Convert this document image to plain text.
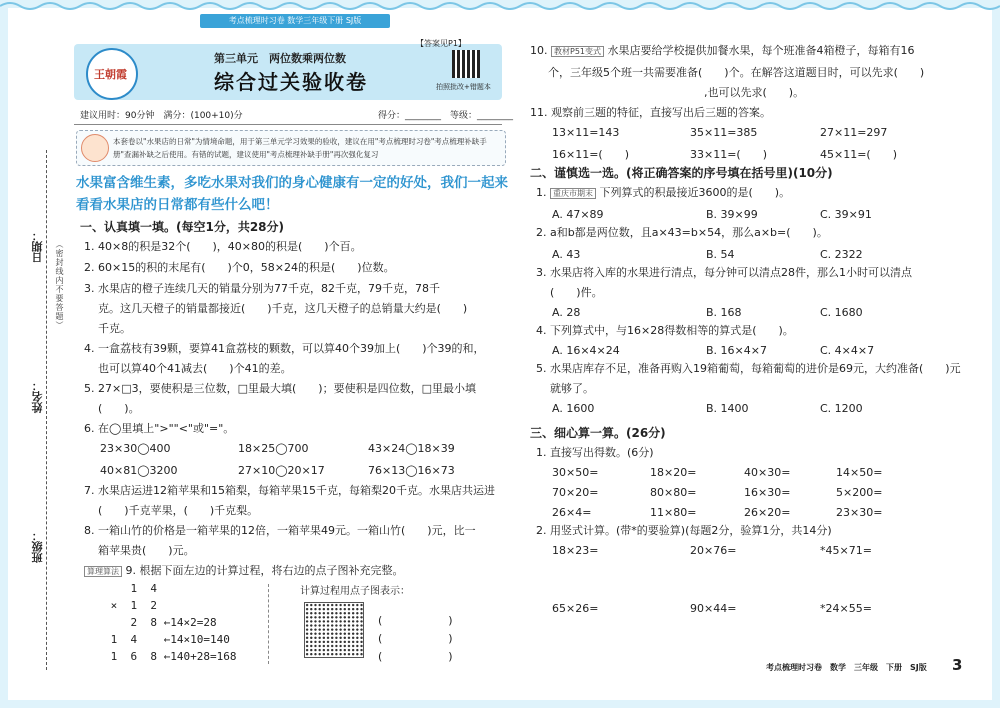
考点梳理时习卷 数学三年级下册 SJ版
日期：
姓名：
班级：
（密封线内不要答题）
王朝霞
第三单元　两位数乘两位数
综合过关验收卷
【答案见P1】
拍照批改+错题本
建议用时：90分钟　满分：(100+10)分	得分：________　等级：________
本套卷以"水果店的日常"为情境命题，用于第三单元学习效果的验收，建议在用"考点梳理时习卷"考点梳理补缺手册"查漏补缺之后使用。有错的试题，建议使用"考点梳理补缺手册"再次强化复习
水果富含维生素，多吃水果对我们的身心健康有一定的好处，我们一起来看看水果店的日常都有些什么吧！
一、认真填一填。(每空1分，共28分)
1. 40×8的积是32个(　　)，40×80的积是(　　)个百。
2. 60×15的积的末尾有(　　)个0，58×24的积是(　　)位数。
3. 水果店的橙子连续几天的销量分别为77千克，82千克，79千克，78千
克。这几天橙子的销量都接近(　　)千克，这几天橙子的总销量大约是(　　)
千克。
4. 一盒荔枝有39颗，要算41盒荔枝的颗数，可以算40个39加上(　　)个39的和，
也可以算40个41减去(　　)个41的差。
5. 27×□3，要使积是三位数，□里最大填(　　)；要使积是四位数，□里最小填
(　　)。
6. 在◯里填上">""<"或"="。
23×30◯400	18×25◯700	43×24◯18×39
40×81◯3200	27×10◯20×17	76×13◯16×73
7. 水果店运进12箱苹果和15箱梨，每箱苹果15千克，每箱梨20千克。水果店共运进
(　　)千克苹果，(　　)千克梨。
8. 一箱山竹的价格是一箱苹果的12倍，一箱苹果49元。一箱山竹(　　)元，比一
箱苹果贵(　　)元。
算理算法 9. 根据下面左边的计算过程，将右边的点子图补充完整。
1  4
×  1  2
2  8 ←14×2=28
1  4    ←14×10=140
1  6  8 ←140+28=168
计算过程用点子图表示：
(　　　　　　)
(　　　　　　)
(　　　　　　)
10. 教材P51变式 水果店要给学校提供加餐水果，每个班准备4箱橙子，每箱有16
个，三年级5个班一共需要准备(　　)个。在解答这道题目时，可以先求(　　)
,也可以先求(　　)。
11. 观察前三题的特征，直接写出后三题的答案。
13×11=143	35×11=385	27×11=297
16×11=(　　)	33×11=(　　)	45×11=(　　)
二、谨慎选一选。(将正确答案的序号填在括号里)(10分)
1. 重庆市期末 下列算式的积最接近3600的是(　　)。
A. 47×89	B. 39×99	C. 39×91
2. a和b都是两位数，且a×43=b×54，那么a×b=(　　)。
A. 43	B. 54	C. 2322
3. 水果店将入库的水果进行清点，每分钟可以清点28件，那么1小时可以清点
(　　)件。
A. 28	B. 168	C. 1680
4. 下列算式中，与16×28得数相等的算式是(　　)。
A. 16×4×24	B. 16×4×7	C. 4×4×7
5. 水果店库存不足，准备再购入19箱葡萄，每箱葡萄的进价是69元，大约准备(　　)元
就够了。
A. 1600	B. 1400	C. 1200
三、细心算一算。(26分)
1. 直接写出得数。(6分)
30×50=	18×20=	40×30=	14×50=
70×20=	80×80=	16×30=	5×200=
26×4=	11×80=	26×20=	23×30=
2. 用竖式计算。(带*的要验算)(每题2分，验算1分，共14分)
18×23=	20×76=	*45×71=
65×26=	90×44=	*24×55=
考点梳理时习卷　数学　三年级　下册　SJ版 3
